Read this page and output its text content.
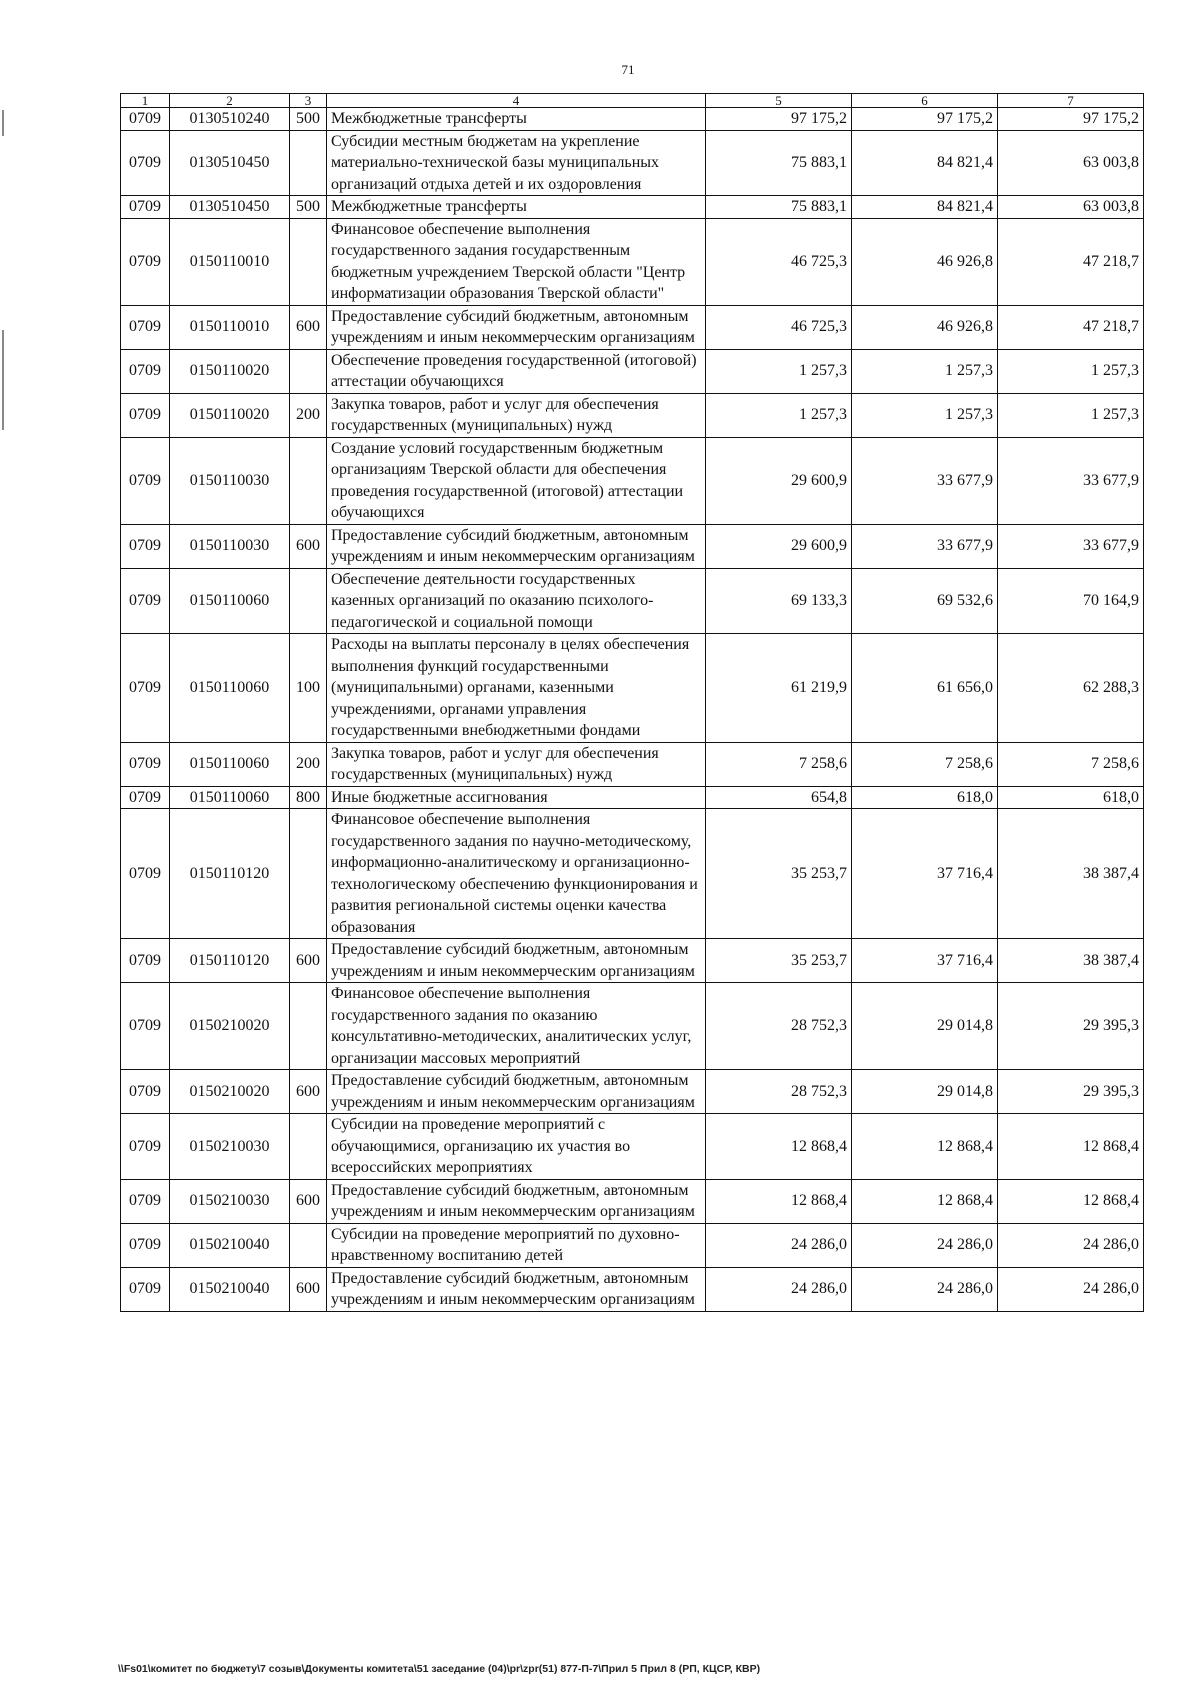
71
1	2	3	4	5	6	7
0709	0130510240	500	Межбюджетные трансферты	97 175,2	97 175,2	97 175,2
0709	0130510450		Субсидии местным бюджетам на укрепление материально-технической базы муниципальных организаций отдыха детей и их оздоровления	75 883,1	84 821,4	63 003,8
0709	0130510450	500	Межбюджетные трансферты	75 883,1	84 821,4	63 003,8
0709	0150110010		Финансовое обеспечение выполнения государственного задания государственным бюджетным учреждением Тверской области "Центр информатизации образования Тверской области"	46 725,3	46 926,8	47 218,7
0709	0150110010	600	Предоставление субсидий бюджетным, автономным учреждениям и иным некоммерческим организациям	46 725,3	46 926,8	47 218,7
0709	0150110020		Обеспечение проведения государственной (итоговой) аттестации обучающихся	1 257,3	1 257,3	1 257,3
0709	0150110020	200	Закупка товаров, работ и услуг для обеспечения государственных (муниципальных) нужд	1 257,3	1 257,3	1 257,3
0709	0150110030		Создание условий государственным бюджетным организациям Тверской области для обеспечения проведения государственной (итоговой) аттестации обучающихся	29 600,9	33 677,9	33 677,9
0709	0150110030	600	Предоставление субсидий бюджетным, автономным учреждениям и иным некоммерческим организациям	29 600,9	33 677,9	33 677,9
0709	0150110060		Обеспечение деятельности государственных казенных организаций по оказанию психолого-педагогической и социальной помощи	69 133,3	69 532,6	70 164,9
0709	0150110060	100	Расходы на выплаты персоналу в целях обеспечения выполнения функций государственными (муниципальными) органами, казенными учреждениями, органами управления государственными внебюджетными фондами	61 219,9	61 656,0	62 288,3
0709	0150110060	200	Закупка товаров, работ и услуг для обеспечения государственных (муниципальных) нужд	7 258,6	7 258,6	7 258,6
0709	0150110060	800	Иные бюджетные ассигнования	654,8	618,0	618,0
0709	0150110120		Финансовое обеспечение выполнения государственного задания по научно-методическому, информационно-аналитическому и организационно-технологическому обеспечению функционирования и развития региональной системы оценки качества образования	35 253,7	37 716,4	38 387,4
0709	0150110120	600	Предоставление субсидий бюджетным, автономным учреждениям и иным некоммерческим организациям	35 253,7	37 716,4	38 387,4
0709	0150210020		Финансовое обеспечение выполнения государственного задания по оказанию консультативно-методических, аналитических услуг, организации массовых мероприятий	28 752,3	29 014,8	29 395,3
0709	0150210020	600	Предоставление субсидий бюджетным, автономным учреждениям и иным некоммерческим организациям	28 752,3	29 014,8	29 395,3
0709	0150210030		Субсидии на проведение мероприятий с обучающимися, организацию их участия во всероссийских мероприятиях	12 868,4	12 868,4	12 868,4
0709	0150210030	600	Предоставление субсидий бюджетным, автономным учреждениям и иным некоммерческим организациям	12 868,4	12 868,4	12 868,4
0709	0150210040		Субсидии на проведение мероприятий по духовно-нравственному воспитанию детей	24 286,0	24 286,0	24 286,0
0709	0150210040	600	Предоставление субсидий бюджетным, автономным учреждениям и иным некоммерческим организациям	24 286,0	24 286,0	24 286,0
\\Fs01\комитет по бюджету\7 созыв\Документы комитета\51 заседание (04)\pr\zpr(51) 877-П-7\Прил 5 Прил 8 (РП, КЦСР, КВР)
